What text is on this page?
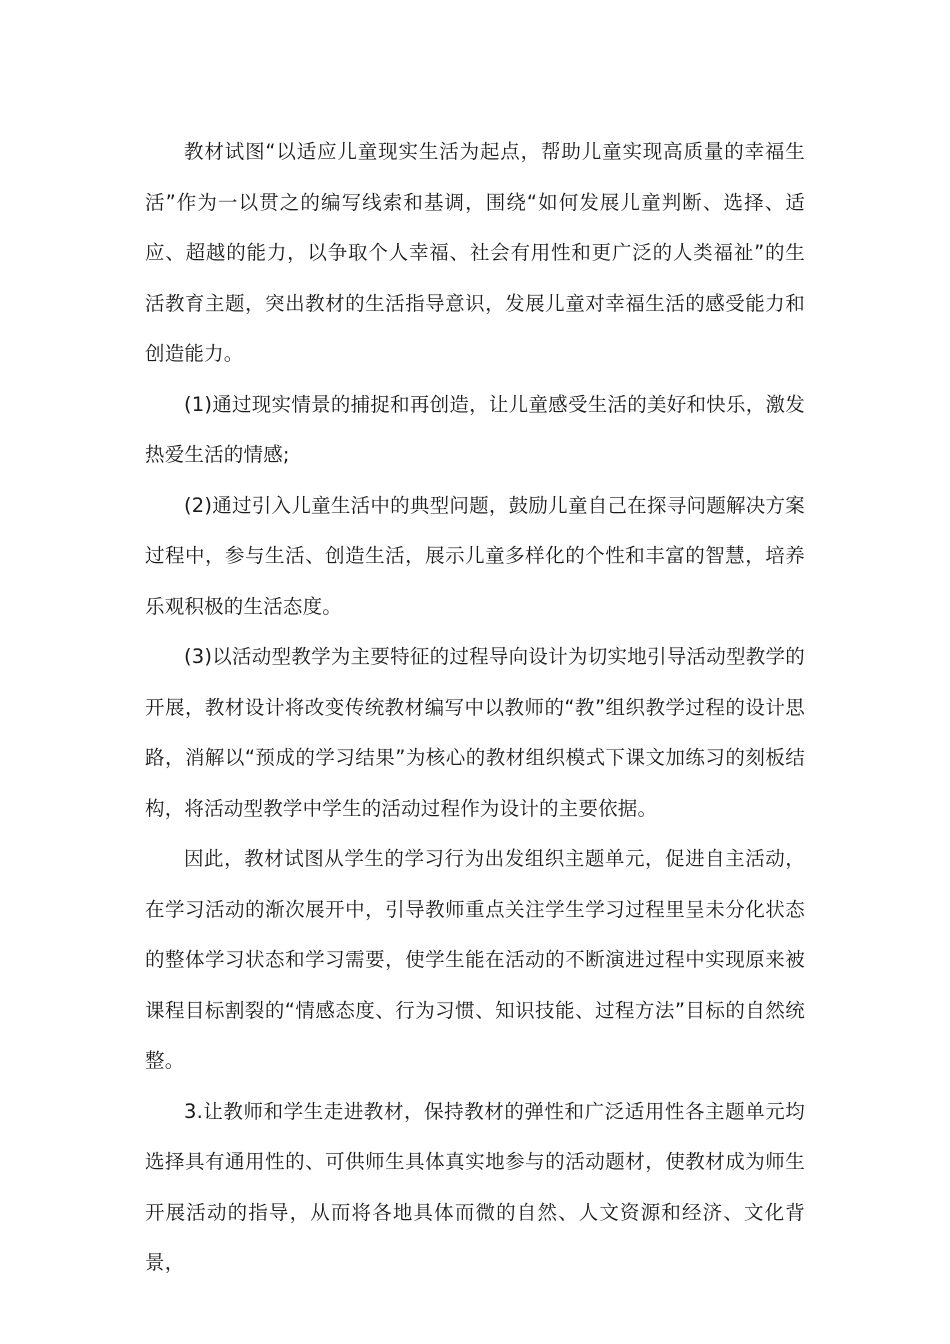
教材试图“以适应儿童现实生活为起点，帮助儿童实现高质量的幸福生活”作为一以贯之的编写线索和基调，围绕“如何发展儿童判断、选择、适应、超越的能力，以争取个人幸福、社会有用性和更广泛的人类福祉”的生活教育主题，突出教材的生活指导意识，发展儿童对幸福生活的感受能力和创造能力。

(1)通过现实情景的捕捉和再创造，让儿童感受生活的美好和快乐，激发热爱生活的情感;

(2)通过引入儿童生活中的典型问题，鼓励儿童自己在探寻问题解决方案过程中，参与生活、创造生活，展示儿童多样化的个性和丰富的智慧，培养乐观积极的生活态度。

(3)以活动型教学为主要特征的过程导向设计为切实地引导活动型教学的开展，教材设计将改变传统教材编写中以教师的“教”组织教学过程的设计思路，消解以“预成的学习结果”为核心的教材组织模式下课文加练习的刻板结构，将活动型教学中学生的活动过程作为设计的主要依据。

因此，教材试图从学生的学习行为出发组织主题单元，促进自主活动，在学习活动的渐次展开中，引导教师重点关注学生学习过程里呈未分化状态的整体学习状态和学习需要，使学生能在活动的不断演进过程中实现原来被课程目标割裂的“情感态度、行为习惯、知识技能、过程方法”目标的自然统整。

3.让教师和学生走进教材，保持教材的弹性和广泛适用性各主题单元均选择具有通用性的、可供师生具体真实地参与的活动题材，使教材成为师生开展活动的指导，从而将各地具体而微的自然、人文资源和经济、文化背景，
